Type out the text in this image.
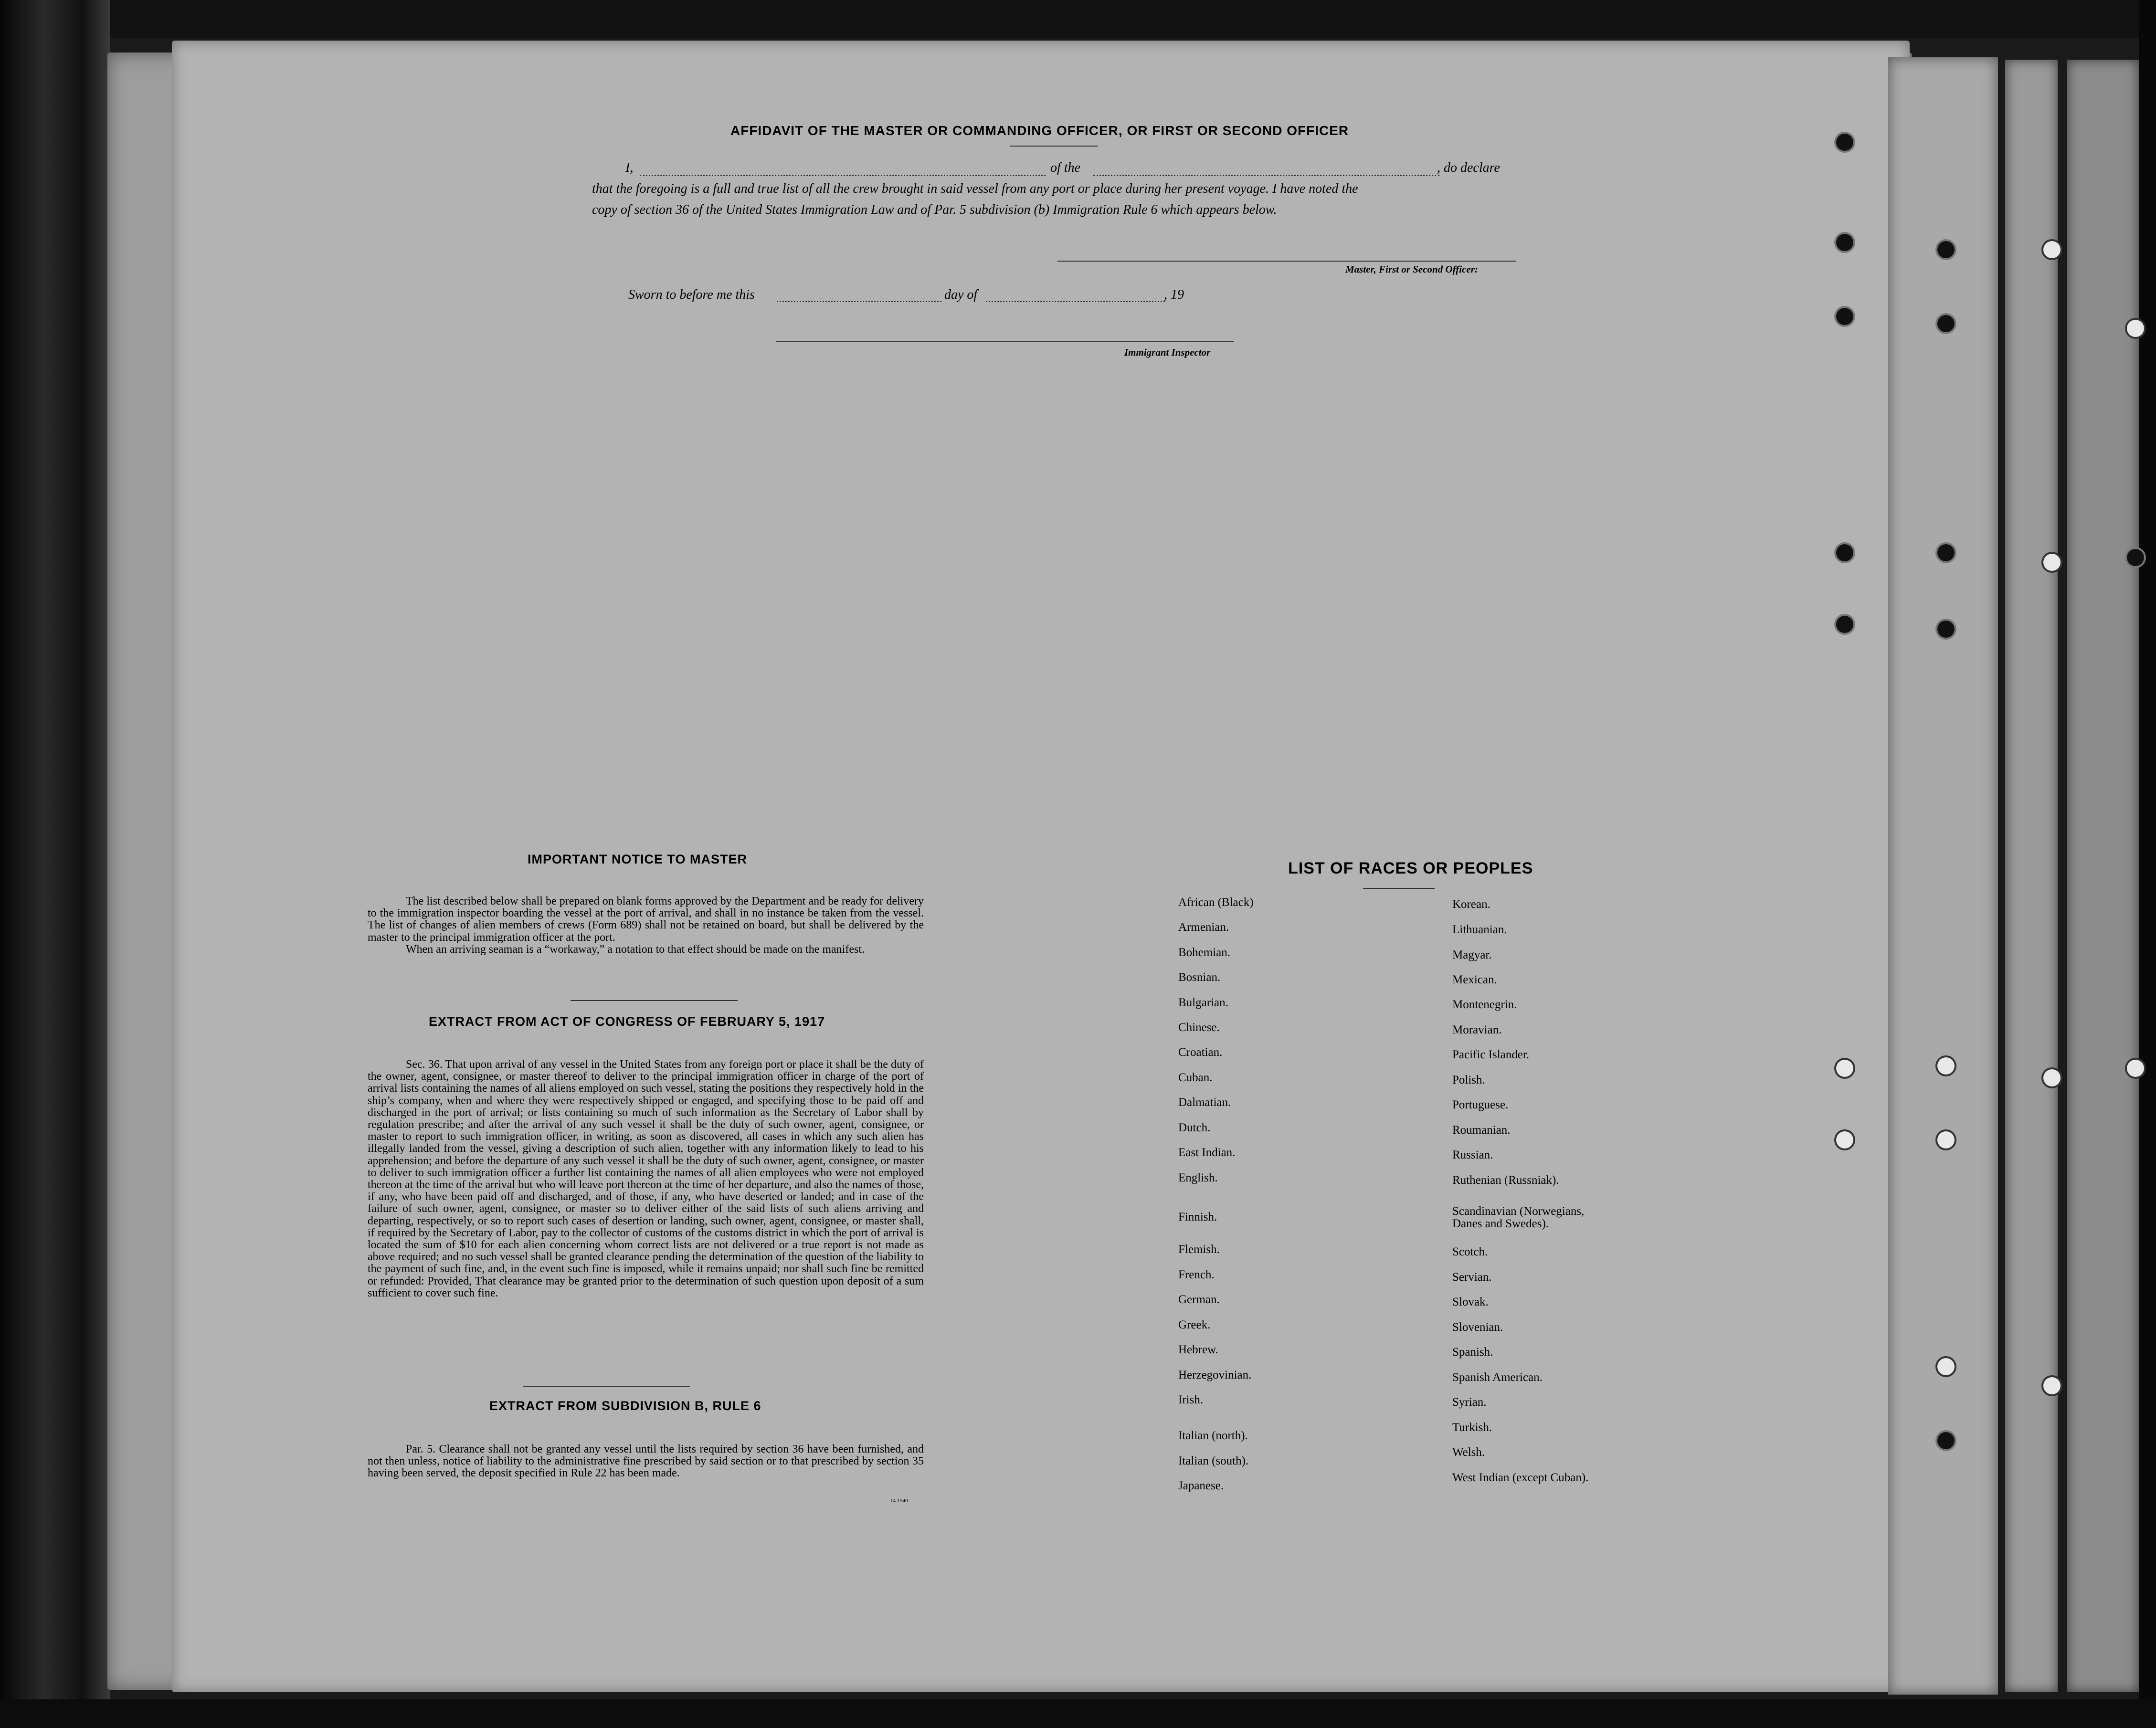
AFFIDAVIT OF THE MASTER OR COMMANDING OFFICER, OR FIRST OR SECOND OFFICER
I,	of the	, do declare
that the foregoing is a full and true list of all the crew brought in said vessel from any port or place during her present voyage. I have noted the
copy of section 36 of the United States Immigration Law and of Par. 5 subdivision (b) Immigration Rule 6 which appears below.
Master, First or Second Officer:
Sworn to before me this	day of	, 19
Immigrant Inspector
IMPORTANT NOTICE TO MASTER
The list described below shall be prepared on blank forms approved by the Department and be ready for delivery to the immigration inspector boarding the vessel at the port of arrival, and shall in no instance be taken from the vessel. The list of changes of alien members of crews (Form 689) shall not be retained on board, but shall be delivered by the master to the principal immigration officer at the port.
When an arriving seaman is a “workaway,” a notation to that effect should be made on the manifest.
EXTRACT FROM ACT OF CONGRESS OF FEBRUARY 5, 1917
Sec. 36. That upon arrival of any vessel in the United States from any foreign port or place it shall be the duty of the owner, agent, consignee, or master thereof to deliver to the principal immigration officer in charge of the port of arrival lists containing the names of all aliens employed on such vessel, stating the positions they respectively hold in the ship’s company, when and where they were respectively shipped or engaged, and specifying those to be paid off and discharged in the port of arrival; or lists containing so much of such information as the Secretary of Labor shall by regulation prescribe; and after the arrival of any such vessel it shall be the duty of such owner, agent, consignee, or master to report to such immigration officer, in writing, as soon as discovered, all cases in which any such alien has illegally landed from the vessel, giving a description of such alien, together with any information likely to lead to his apprehension; and before the departure of any such vessel it shall be the duty of such owner, agent, consignee, or master to deliver to such immigration officer a further list containing the names of all alien employees who were not employed thereon at the time of the arrival but who will leave port thereon at the time of her departure, and also the names of those, if any, who have been paid off and discharged, and of those, if any, who have deserted or landed; and in case of the failure of such owner, agent, consignee, or master so to deliver either of the said lists of such aliens arriving and departing, respectively, or so to report such cases of desertion or landing, such owner, agent, consignee, or master shall, if required by the Secretary of Labor, pay to the collector of customs of the customs district in which the port of arrival is located the sum of $10 for each alien concerning whom correct lists are not delivered or a true report is not made as above required; and no such vessel shall be granted clearance pending the determination of the question of the liability to the payment of such fine, and, in the event such fine is imposed, while it remains unpaid; nor shall such fine be remitted or refunded: Provided, That clearance may be granted prior to the determination of such question upon deposit of a sum sufficient to cover such fine.
EXTRACT FROM SUBDIVISION B, RULE 6
Par. 5. Clearance shall not be granted any vessel until the lists required by section 36 have been furnished, and not then unless, notice of liability to the administrative fine prescribed by said section or to that prescribed by section 35 having been served, the deposit specified in Rule 22 has been made.
14-1540
LIST OF RACES OR PEOPLES
African (Black)
Armenian.
Bohemian.
Bosnian.
Bulgarian.
Chinese.
Croatian.
Cuban.
Dalmatian.
Dutch.
East Indian.
English.
Finnish.
Flemish.
French.
German.
Greek.
Hebrew.
Herzegovinian.
Irish.
Italian (north).
Italian (south).
Japanese.
Korean.
Lithuanian.
Magyar.
Mexican.
Montenegrin.
Moravian.
Pacific Islander.
Polish.
Portuguese.
Roumanian.
Russian.
Ruthenian (Russniak).
Scandinavian (Norwegians,
Danes and Swedes).
Scotch.
Servian.
Slovak.
Slovenian.
Spanish.
Spanish American.
Syrian.
Turkish.
Welsh.
West Indian (except Cuban).
